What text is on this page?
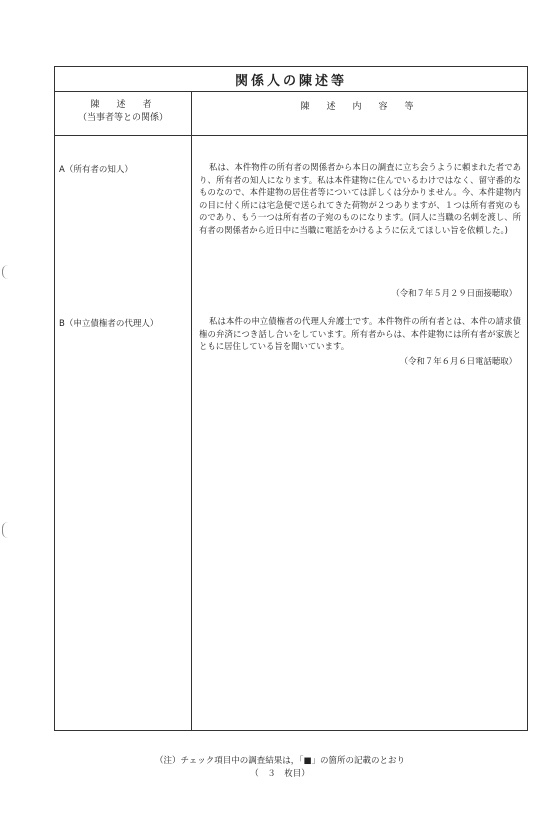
関係人の陳述等
陳　述　者
（当事者等との関係）
陳　述　内　容　等
A（所有者の知人）	私は、本件物件の所有者の関係者から本日の調査に立ち会うように頼まれた者であり、所有者の知人になります。私は本件建物に住んでいるわけではなく、留守番的なものなので、本件建物の居住者等については詳しくは分かりません。今、本件建物内の目に付く所には宅急便で送られてきた荷物が２つありますが、１つは所有者宛のものであり、もう一つは所有者の子宛のものになります。(同人に当職の名刺を渡し、所有者の関係者から近日中に当職に電話をかけるように伝えてほしい旨を依頼した。)
（令和７年５月２９日面接聴取）
B（申立債権者の代理人）	私は本件の申立債権者の代理人弁護士です。本件物件の所有者とは、本件の請求債権の弁済につき話し合いをしています。所有者からは、本件建物には所有者が家族とともに居住している旨を聞いています。
（令和７年６月６日電話聴取）
（注）チェック項目中の調査結果は，「■」の箇所の記載のとおり
（　３　枚目）
